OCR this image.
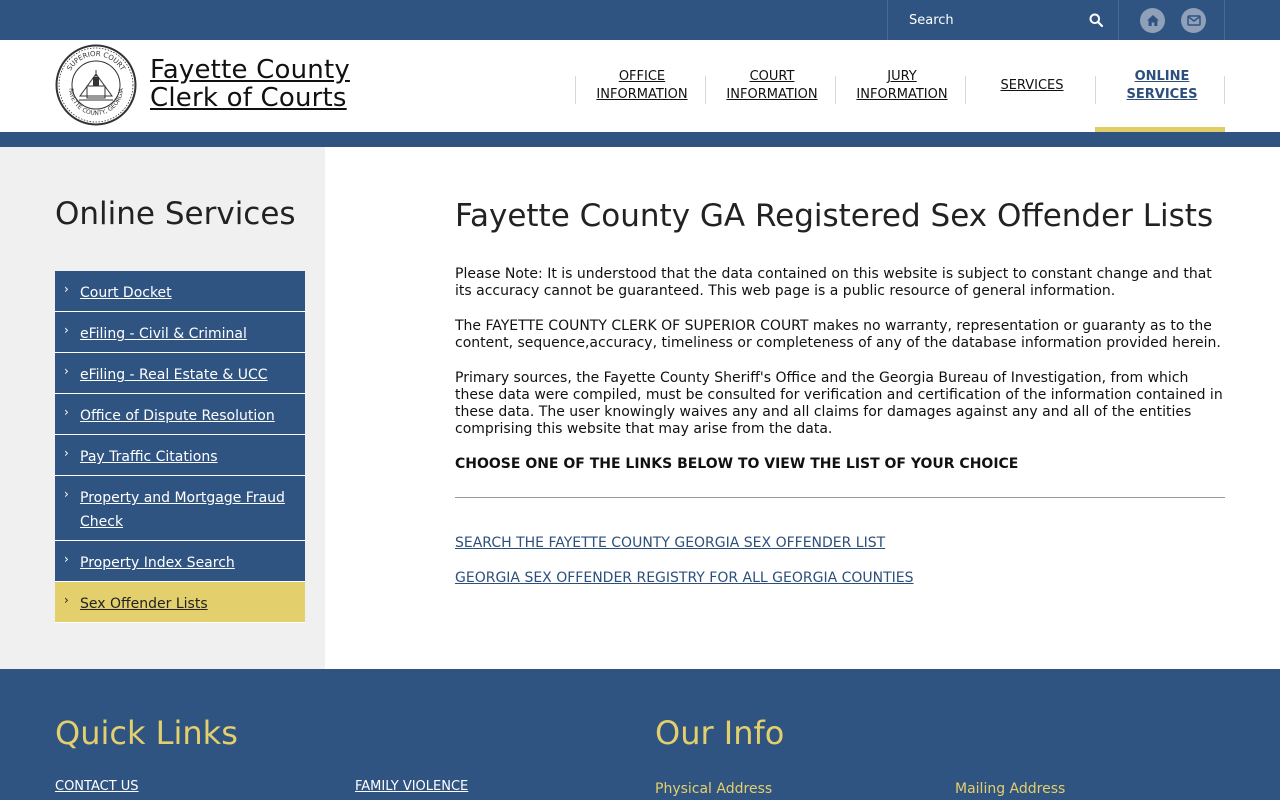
Search
SUPERIOR COURT
FAYETTE COUNTY, GEORGIA
Fayette County
Clerk of Courts
OFFICE
INFORMATION
COURT
INFORMATION
JURY
INFORMATION
SERVICES
ONLINE
SERVICES
Online Services
› Court Docket
› eFiling - Civil & Criminal
› eFiling - Real Estate & UCC
› Office of Dispute Resolution
› Pay Traffic Citations
› Property and Mortgage Fraud Check
› Property Index Search
› Sex Offender Lists
Fayette County GA Registered Sex Offender Lists

Please Note: It is understood that the data contained on this website is subject to constant change and that its accuracy cannot be guaranteed. This web page is a public resource of general information.

The FAYETTE COUNTY CLERK OF SUPERIOR COURT makes no warranty, representation or guaranty as to the content, sequence,accuracy, timeliness or completeness of any of the database information provided herein.

Primary sources, the Fayette County Sheriff's Office and the Georgia Bureau of Investigation, from which these data were compiled, must be consulted for verification and certification of the information contained in these data. The user knowingly waives any and all claims for damages against any and all of the entities comprising this website that may arise from the data.

CHOOSE ONE OF THE LINKS BELOW TO VIEW THE LIST OF YOUR CHOICE

SEARCH THE FAYETTE COUNTY GEORGIA SEX OFFENDER LIST
GEORGIA SEX OFFENDER REGISTRY FOR ALL GEORGIA COUNTIES
Quick Links	Our Info
CONTACT US	FAMILY VIOLENCE	Physical Address	Mailing Address
